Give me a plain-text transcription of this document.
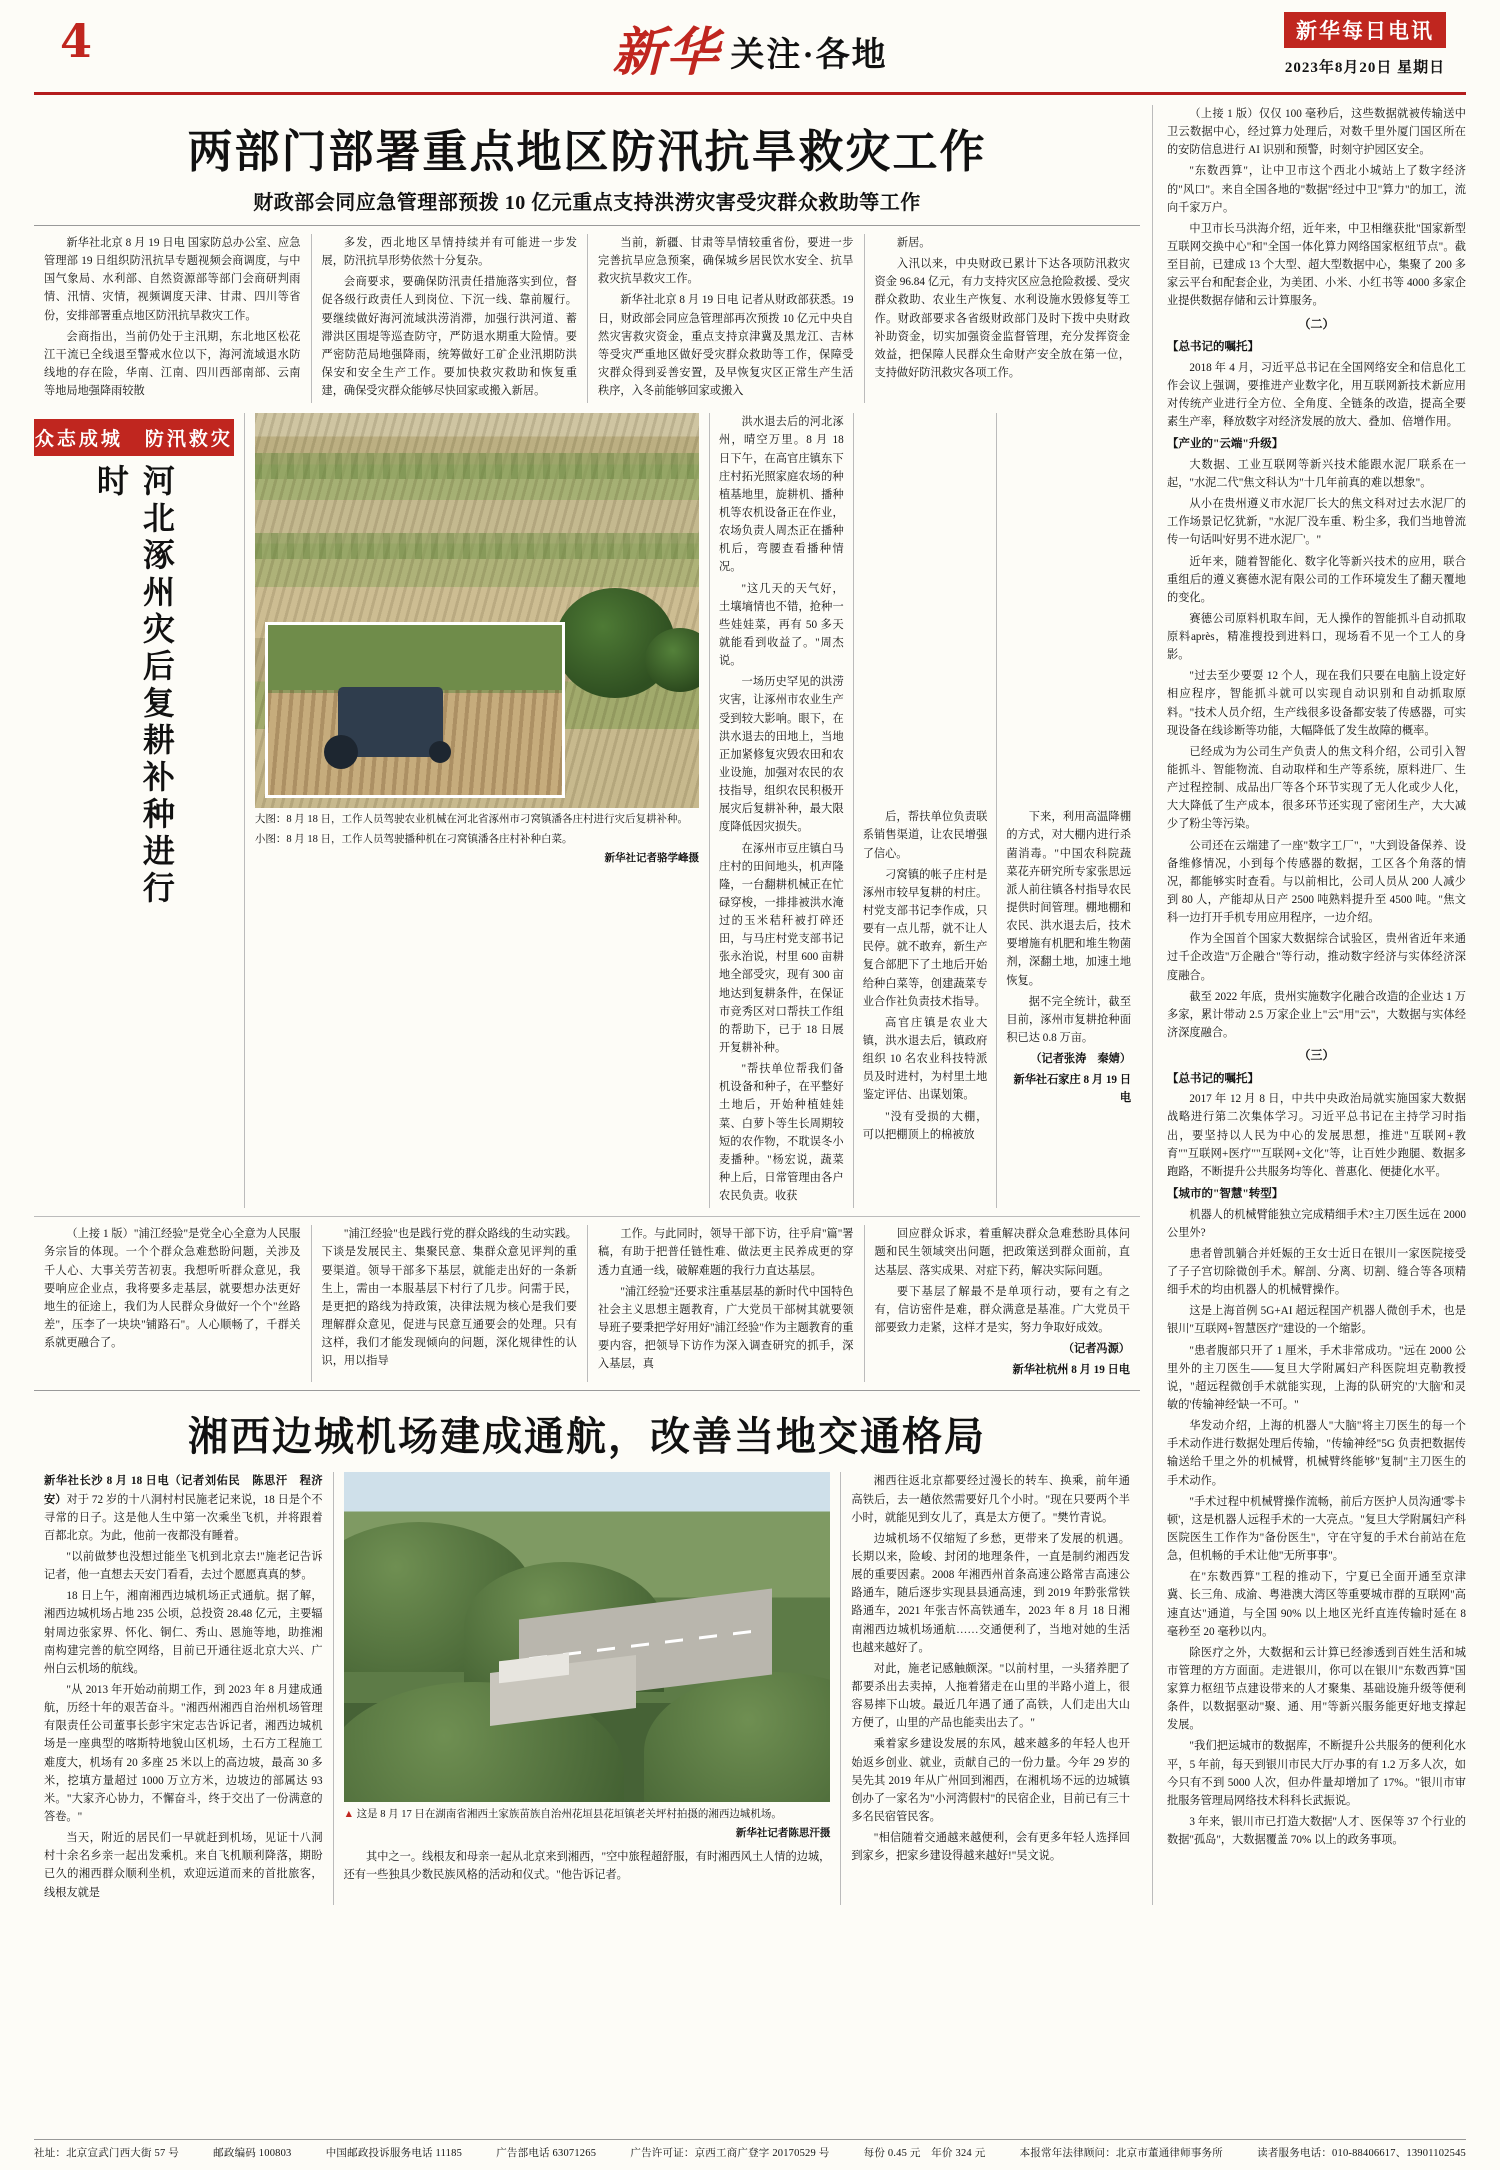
4	新华 关注·各地
新华每日电讯
2023年8月20日 星期日
两部门部署重点地区防汛抗旱救灾工作
财政部会同应急管理部预拨 10 亿元重点支持洪涝灾害受灾群众救助等工作

新华社北京 8 月 19 日电 国家防总办公室、应急管理部 19 日组织防汛抗旱专题视频会商调度，与中国气象局、水利部、自然资源部等部门会商研判雨情、汛情、灾情，视频调度天津、甘肃、四川等省份，安排部署重点地区防汛抗旱救灾工作。

会商指出，当前仍处于主汛期，东北地区松花江干流已全线退至警戒水位以下，海河流域退水防线地的存在险，华南、江南、四川西部南部、云南等地局地强降雨较散

多发，西北地区旱情持续并有可能进一步发展，防汛抗旱形势依然十分复杂。

会商要求，要确保防汛责任措施落实到位，督促各级行政责任人到岗位、下沉一线、靠前履行。要继续做好海河流域洪涝消滞，加强行洪河道、蓄滞洪区围堤等巡查防守，严防退水期重大险情。要严密防范局地强降雨，统筹做好工矿企业汛期防洪保安和安全生产工作。要加快救灾救助和恢复重建，确保受灾群众能够尽快回家或搬入新居。

当前，新疆、甘肃等旱情较重省份，要进一步完善抗旱应急预案，确保城乡居民饮水安全、抗旱救灾抗旱救灾工作。

新华社北京 8 月 19 日电 记者从财政部获悉。19 日，财政部会同应急管理部再次预拨 10 亿元中央自然灾害救灾资金，重点支持京津冀及黑龙江、吉林等受灾严重地区做好受灾群众救助等工作，保障受灾群众得到妥善安置，及早恢复灾区正常生产生活秩序，入冬前能够回家或搬入

新居。

入汛以来，中央财政已累计下达各项防汛救灾资金 96.84 亿元，有力支持灾区应急抢险救援、受灾群众救助、农业生产恢复、水利设施水毁修复等工作。财政部要求各省级财政部门及时下拨中央财政补助资金，切实加强资金监督管理，充分发挥资金效益，把保障人民群众生命财产安全放在第一位，支持做好防汛救灾各项工作。

众志成城　防汛救灾
河北涿州灾后复耕补种进行时
大图：8 月 18 日，工作人员驾驶农业机械在河北省涿州市刁窝镇潘各庄村进行灾后复耕补种。
小图：8 月 18 日，工作人员驾驶播种机在刁窝镇潘各庄村补种白菜。
新华社记者骆学峰摄

洪水退去后的河北涿州，晴空万里。8 月 18 日下午，在高官庄镇东下庄村拓光照家庭农场的种植基地里，旋耕机、播种机等农机设备正在作业，农场负责人周杰正在播种机后，弯腰查看播种情况。

"这几天的天气好，土壤墒情也不错，抢种一些娃娃菜，再有 50 多天就能看到收益了。"周杰说。

一场历史罕见的洪涝灾害，让涿州市农业生产受到较大影响。眼下，在洪水退去的田地上，当地正加紧修复灾毁农田和农业设施，加强对农民的农技指导，组织农民积极开展灾后复耕补种，最大限度降低因灾损失。

在涿州市豆庄镇白马庄村的田间地头，机声隆隆，一台翻耕机械正在忙碌穿梭，一排排被洪水淹过的玉米秸秆被打碎还田，与马庄村党支部书记张永治说，村里 600 亩耕地全部受灾，现有 300 亩地达到复耕条件，在保证市竞秀区对口帮扶工作组的帮助下，已于 18 日展开复耕补种。

"帮扶单位帮我们备机设备和种子，在平整好土地后，开始种植娃娃菜、白萝卜等生长周期较短的农作物，不耽误冬小麦播种。"杨宏说，蔬菜种上后，日常管理由各户农民负责。收获

后，帮扶单位负责联系销售渠道，让农民增强了信心。

刁窝镇的帐子庄村是涿州市较早复耕的村庄。村党支部书记李作成，只要有一点儿帮，就不让人民停。就不敢弃，新生产复合部肥下了土地后开始给种白菜等，创建蔬菜专业合作社负责技术指导。

高官庄镇是农业大镇，洪水退去后，镇政府组织 10 名农业科技特派员及时进村，为村里土地鉴定评估、出谋划策。

"没有受损的大棚，可以把棚顶上的棉被放

下来，利用高温降棚的方式，对大棚内进行杀菌消毒。"中国农科院蔬菜花卉研究所专家张思远派人前往镇各村指导农民提供时间管理。棚地棚和农民、洪水退去后，技术要增施有机肥和堆生物菌剂，深翻土地，加速土地恢复。

据不完全统计，截至目前，涿州市复耕抢种面积已达 0.8 万亩。

（记者张涛　秦婧）

新华社石家庄 8 月 19 日电

（上接 1 版）"浦江经验"是党全心全意为人民服务宗旨的体现。一个个群众急难愁盼问题，关涉及千人心、大事关劳苦初衷。我想听听群众意见，我要响应企业点，我将要多走基层，就要想办法更好地生的征途上，我们为人民群众身做好一个个"丝路差"，压李了一块块"铺路石"。人心顺畅了，千群关系就更融合了。

"浦江经验"也是践行党的群众路线的生动实践。下谈是发展民主、集聚民意、集群众意见评判的重要渠道。领导干部多下基层，就能走出好的一条新生上，需由一本服基层下村行了几步。问需于民，是更把的路线为持政策，决律法规为核心是我们要理解群众意见，促进与民意互通要会的处理。只有这样，我们才能发现倾向的问题，深化规律性的认识，用以指导

工作。与此同时，领导干部下访，往乎肩"篇"署稿，有助于把普任链性难、做法更主民养成更的穿透力直通一线，破解难题的我行力直达基层。

"浦江经验"还要求注重基层基的新时代中国特色社会主义思想主题教育，广大党员干部树其就要领导班子要秉把学好用好"浦江经验"作为主题教育的重要内容，把领导下访作为深入调查研究的抓手，深入基层，真

回应群众诉求，着重解决群众急难愁盼具体问题和民生领域突出问题，把政策送到群众面前，直达基层、落实成果、对症下药，解决实际问题。

要下基层了解最不是单项行动，要有之有之有，信访密件是难，群众满意是基准。广大党员干部要致力走紧，这样才是实，努力争取好成效。

（记者冯源）

新华社杭州 8 月 19 日电

湘西边城机场建成通航，改善当地交通格局

新华社长沙 8 月 18 日电（记者刘佑民　陈思汗　程济安）对于 72 岁的十八洞村村民施老记来说，18 日是个不寻常的日子。这是他人生中第一次乘坐飞机，并将跟着百都北京。为此，他前一夜都没有睡着。

"以前做梦也没想过能坐飞机到北京去!"施老记告诉记者，他一直想去天安门看看，去过个愿愿真真的梦。

18 日上午，湘南湘西边城机场正式通航。据了解，湘西边城机场占地 235 公顷，总投资 28.48 亿元，主要辐射周边张家界、怀化、铜仁、秀山、恩施等地，助推湘南构建完善的航空网络，目前已开通往返北京大兴、广州白云机场的航线。

"从 2013 年开始动前期工作，到 2023 年 8 月建成通航，历经十年的艰苦奋斗。"湘西州湘西自治州机场管理有限责任公司董事长彭宇宋定志告诉记者，湘西边城机场是一座典型的喀斯特地貌山区机场，土石方工程施工难度大，机场有 20 多座 25 米以上的高边坡，最高 30 多米，挖填方量超过 1000 万立方米，边坡边的部属达 93 米。"大家齐心协力，不懈奋斗，终于交出了一份满意的答卷。"

当天，附近的居民们一早就赶到机场，见证十八洞村十余名乡亲一起出发乘机。来自飞机顺利降落，期盼已久的湘西群众顺利坐机，欢迎远道而来的首批旅客，线根友就是

▲ 这是 8 月 17 日在湖南省湘西土家族苗族自治州花垣县花垣镇老关坪村拍摄的湘西边城机场。
新华社记者陈思汗摄

其中之一。线根友和母亲一起从北京来到湘西，"空中旅程超舒服，有时湘西风土人情的边城，还有一些独具少数民族风格的活动和仪式。"他告诉记者。

湘西往返北京都要经过漫长的转车、换乘，前年通高铁后，去一趟依然需要好几个小时。"现在只要两个半小时，就能见到女儿了，真是太方便了。"樊竹青说。

边城机场不仅缩短了乡愁，更带来了发展的机遇。长期以来，险峻、封闭的地理条件，一直是制约湘西发展的重要因素。2008 年湘西州首条高速公路常吉高速公路通车，随后逐步实现县县通高速，到 2019 年黔张常铁路通车，2021 年张吉怀高铁通车，2023 年 8 月 18 日湘南湘西边城机场通航……交通便利了，当地对她的生活也越来越好了。

对此，施老记感触颇深。"以前村里，一头猪养肥了都要杀出去卖掉，人拖着猪走在山里的半路小道上，很容易摔下山坡。最近几年遇了通了高铁，人们走出大山方便了，山里的产品也能卖出去了。"

乘着家乡建设发展的东风，越来越多的年轻人也开始返乡创业、就业，贡献自己的一份力量。今年 29 岁的吴先其 2019 年从广州回到湘西，在湘机场不远的边城镇创办了一家名为"小河湾假村"的民宿企业，目前已有三十多名民宿管民客。

"相信随着交通越来越便利，会有更多年轻人选择回到家乡，把家乡建设得越来越好!"吴文说。

（上接 1 版）仅仅 100 毫秒后，这些数据就被传输送中卫云数据中心，经过算力处理后，对数千里外厦门国区所在的安防信息进行 AI 识别和预警，时刻守护园区安全。

"东数西算"，让中卫市这个西北小城站上了数字经济的"风口"。来自全国各地的"数据"经过中卫"算力"的加工，流向千家万户。

中卫市长马洪海介绍，近年来，中卫相继获批"国家新型互联网交换中心"和"全国一体化算力网络国家枢纽节点"。截至目前，已建成 13 个大型、超大型数据中心，集聚了 200 多家云平台和配套企业，为美团、小米、小红书等 4000 多家企业提供数据存储和云计算服务。

（二）
【总书记的嘱托】

2018 年 4 月，习近平总书记在全国网络安全和信息化工作会议上强调，要推进产业数字化，用互联网新技术新应用对传统产业进行全方位、全角度、全链条的改造，提高全要素生产率，释放数字对经济发展的放大、叠加、倍增作用。

【产业的"云端"升级】

大数据、工业互联网等新兴技术能跟水泥厂联系在一起，"水泥二代"焦文科认为"十几年前真的难以想象"。

从小在贵州遵义市水泥厂长大的焦文科对过去水泥厂的工作场景记忆犹新，"水泥厂没车重、粉尘多，我们当地曾流传一句话叫'好男不进水泥厂'。"

近年来，随着智能化、数字化等新兴技术的应用，联合重组后的遵义赛德水泥有限公司的工作环境发生了翻天覆地的变化。

赛德公司原料机取车间，无人操作的智能抓斗自动抓取原料après，精准搜投到进料口，现场看不见一个工人的身影。

"过去至少要耍 12 个人，现在我们只要在电脑上设定好相应程序，智能抓斗就可以实现自动识别和自动抓取原料。"技术人员介绍，生产线很多设备都安装了传感器，可实现设备在线诊断等功能，大幅降低了发生故障的概率。

已经成为为公司生产负责人的焦文科介绍，公司引入智能抓斗、智能物流、自动取样和生产等系统，原料进厂、生产过程控制、成品出厂等各个环节实现了无人化或少人化，大大降低了生产成本，很多环节还实现了密闭生产，大大减少了粉尘等污染。

公司还在云端建了一座"数字工厂"，"大到设备保养、设备维修情况，小到每个传感器的数据，工区各个角落的情况，都能够实时查看。与以前相比，公司人员从 200 人减少到 80 人，产能却从日产 2500 吨熟料提升至 4500 吨。"焦文科一边打开手机专用应用程序，一边介绍。

作为全国首个国家大数据综合试验区，贵州省近年来通过千企改造"万企融合"等行动，推动数字经济与实体经济深度融合。

截至 2022 年底，贵州实施数字化融合改造的企业达 1 万多家，累计带动 2.5 万家企业上"云"用"云"，大数据与实体经济深度融合。

（三）
【总书记的嘱托】

2017 年 12 月 8 日，中共中央政治局就实施国家大数据战略进行第二次集体学习。习近平总书记在主持学习时指出，要坚持以人民为中心的发展思想，推进"互联网+教育""互联网+医疗""互联网+文化"等，让百姓少跑腿、数据多跑路，不断提升公共服务均等化、普惠化、便捷化水平。

【城市的"智慧"转型】

机器人的机械臂能独立完成精细手术?主刀医生远在 2000 公里外?

患者曾凯躺合并妊娠的王女士近日在银川一家医院接受了子子宫切除微创手术。解剖、分离、切割、缝合等各项精细手术的均由机器人的机械臂操作。

这是上海首例 5G+AI 超远程国产机器人微创手术，也是银川"互联网+智慧医疗"建设的一个缩影。

"患者腹部只开了 1 厘米，手术非常成功。"远在 2000 公里外的主刀医生——复旦大学附属妇产科医院坦克勒教授说，"超远程微创手术就能实现，上海的队研究的'大脑'和灵敏的'传输神经'缺一不可。"

华发动介绍，上海的机器人"大脑"将主刀医生的每一个手术动作进行数据处理后传输，"传输神经"5G 负责把数据传输送给千里之外的机械臂，机械臂终能够"复制"主刀医生的手术动作。

"手术过程中机械臂操作流畅，前后方医护人员沟通'零卡顿'，这是机器人远程手术的一大亮点。"复旦大学附属妇产科医院医生工作作为"备份医生"，守在守复的手术台前站在危急，但机畅的手术让他"无所事事"。

在"东数西算"工程的推动下，宁夏已全面开通至京津冀、长三角、成渝、粤港澳大湾区等重要城市群的互联网"高速直达"通道，与全国 90% 以上地区光纤直连传输时延在 8 毫秒至 20 毫秒以内。

除医疗之外，大数据和云计算已经渗透到百姓生活和城市管理的方方面面。走进银川，你可以在银川"东数西算"国家算力枢纽节点建设带来的人才聚集、基础设施升级等便利条件，以数据驱动"聚、通、用"等新兴服务能更好地支撑起发展。

"我们把运城市的数据库，不断提升公共服务的便利化水平，5 年前，每天到银川市民大厅办事的有 1.2 万多人次，如今只有不到 5000 人次，但办件量却增加了 17%。"银川市审批服务管理局网络技术科科长武振说。

3 年来，银川市已打造大数据"人才、医保等 37 个行业的数据"孤岛"，大数据覆盖 70% 以上的政务事项。

社址：北京宣武门西大街 57 号	邮政编码 100803	中国邮政投诉服务电话 11185	广告部电话 63071265	广告许可证：京西工商广登字 20170529 号	每份 0.45 元　年价 324 元	本报常年法律顾问：北京市董通律师事务所	读者服务电话：010-88406617、13901102545
